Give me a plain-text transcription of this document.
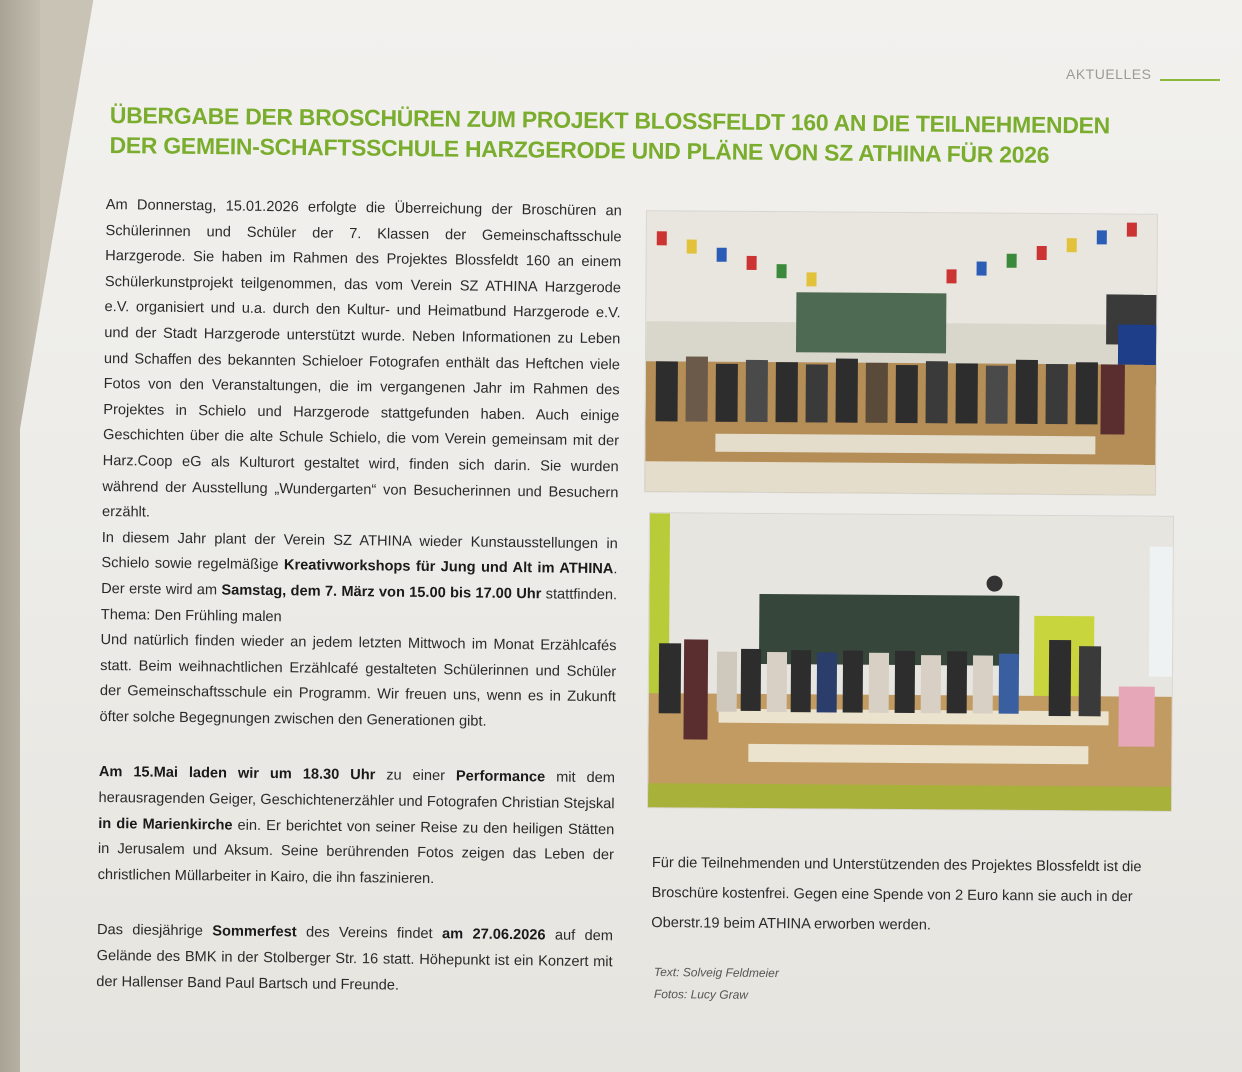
AKTUELLES
ÜBERGABE DER BROSCHÜREN ZUM PROJEKT BLOSSFELDT 160 AN DIE TEILNEHMENDEN DER GEMEIN-SCHAFTSSCHULE HARZGERODE UND PLÄNE VON SZ ATHINA FÜR 2026

Am Donnerstag, 15.01.2026 erfolgte die Überreichung der Broschüren an Schülerinnen und Schüler der 7. Klassen der Gemeinschaftsschule Harzgerode. Sie haben im Rahmen des Projektes Blossfeldt 160 an einem Schülerkunstprojekt teilgenommen, das vom Verein SZ ATHINA Harzgerode e.V. organisiert und u.a. durch den Kultur- und Heimatbund Harzgerode e.V. und der Stadt Harzgerode unterstützt wurde. Neben Informationen zu Leben und Schaffen des bekannten Schieloer Fotografen enthält das Heftchen viele Fotos von den Veranstaltungen, die im vergangenen Jahr im Rahmen des Projektes in Schielo und Harzgerode stattgefunden haben. Auch einige Geschichten über die alte Schule Schielo, die vom Verein gemeinsam mit der Harz.Coop eG als Kulturort gestaltet wird, finden sich darin. Sie wurden während der Ausstellung „Wundergarten“ von Besucherinnen und Besuchern erzählt.

In diesem Jahr plant der Verein SZ ATHINA wieder Kunstausstellungen in Schielo sowie regelmäßige Kreativworkshops für Jung und Alt im ATHINA. Der erste wird am Samstag, dem 7. März von 15.00 bis 17.00 Uhr stattfinden. Thema: Den Frühling malen

Und natürlich finden wieder an jedem letzten Mittwoch im Monat Erzählcafés statt. Beim weihnachtlichen Erzählcafé gestalteten Schülerinnen und Schüler der Gemeinschaftsschule ein Programm. Wir freuen uns, wenn es in Zukunft öfter solche Begegnungen zwischen den Generationen gibt.

Am 15.Mai laden wir um 18.30 Uhr zu einer Performance mit dem herausragenden Geiger, Geschichtenerzähler und Fotografen Christian Stejskal in die Marienkirche ein. Er berichtet von seiner Reise zu den heiligen Stätten in Jerusalem und Aksum. Seine berührenden Fotos zeigen das Leben der christlichen Müllarbeiter in Kairo, die ihn faszinieren.

Das diesjährige Sommerfest des Vereins findet am 27.06.2026 auf dem Gelände des BMK in der Stolberger Str. 16 statt. Höhepunkt ist ein Konzert mit der Hallenser Band Paul Bartsch und Freunde.

Für die Teilnehmenden und Unterstützenden des Projektes Blossfeldt ist die Broschüre kostenfrei. Gegen eine Spende von 2 Euro kann sie auch in der Oberstr.19 beim ATHINA erworben werden.

Text: Solveig Feldmeier
Fotos: Lucy Graw
